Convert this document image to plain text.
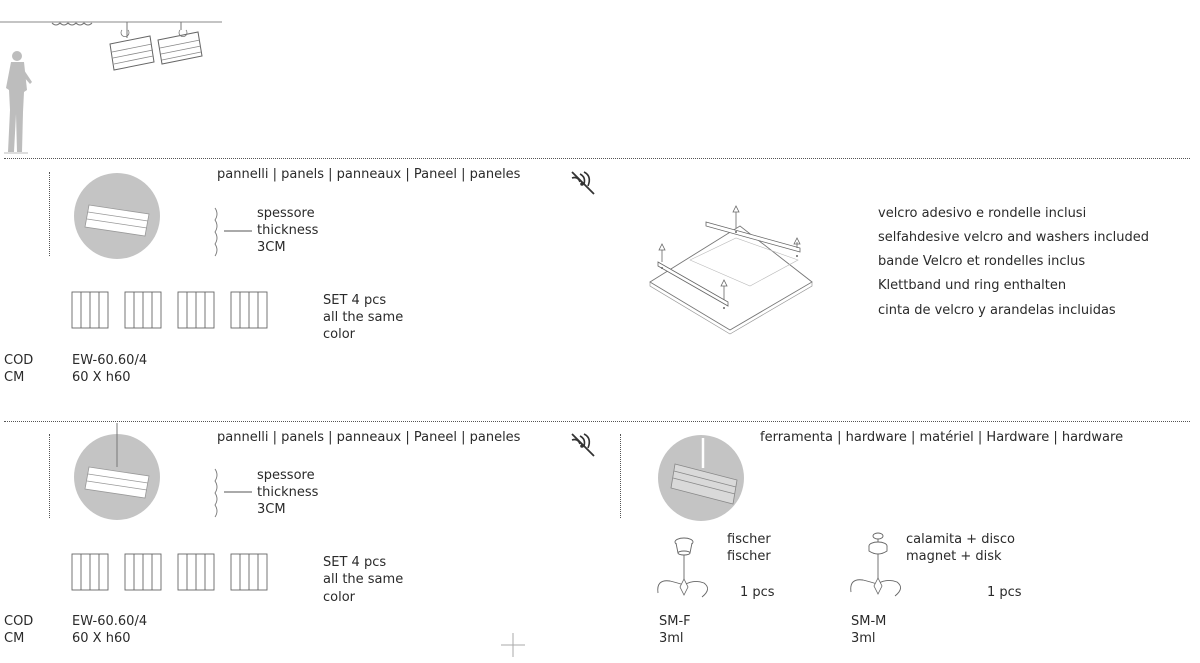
pannelli | panels | panneaux | Paneel | paneles
spessore
thickness
3CM
SET 4 pcs
all the same
color
COD
CM
EW-60.60/4
60 X h60
velcro adesivo e rondelle inclusi
selfahdesive velcro and washers included
bande Velcro et rondelles inclus
Klettband und ring enthalten
cinta de velcro y arandelas incluidas
pannelli | panels | panneaux | Paneel | paneles
spessore
thickness
3CM
SET 4 pcs
all the same
color
COD
CM
EW-60.60/4
60 X h60
ferramenta | hardware | matériel | Hardware | hardware
fischer
fischer
1 pcs
SM-F
3ml
calamita + disco
magnet + disk
1 pcs
SM-M
3ml
